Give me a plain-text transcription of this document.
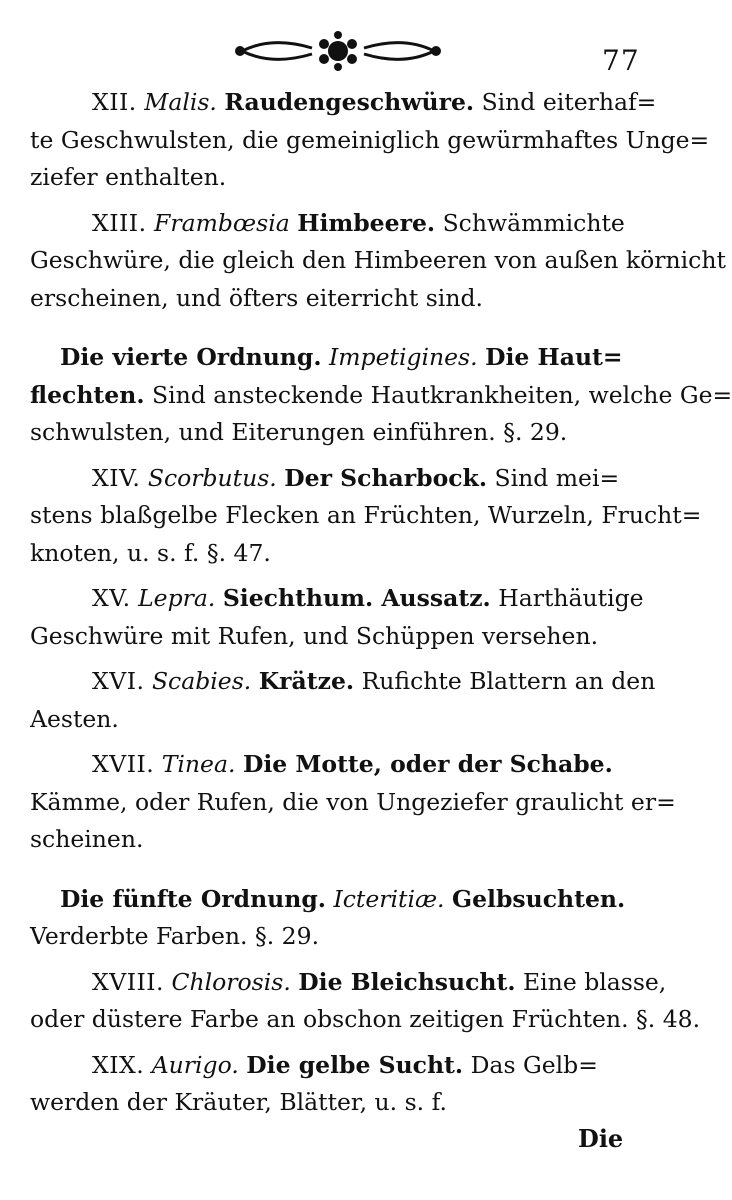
77
XII. Malis. Raudengeschwüre. Sind eiterhaf=
te Geschwulsten, die gemeiniglich gewürmhaftes Unge=
ziefer enthalten.
XIII. Frambœsia Himbeere. Schwämmichte
Geschwüre, die gleich den Himbeeren von außen körnicht
erscheinen, und öfters eiterricht sind.
Die vierte Ordnung. Impetigines. Die Haut=
flechten. Sind ansteckende Hautkrankheiten, welche Ge=
schwulsten, und Eiterungen einführen. §. 29.
XIV. Scorbutus. Der Scharbock. Sind mei=
stens blaßgelbe Flecken an Früchten, Wurzeln, Frucht=
knoten, u. s. f. §. 47.
XV. Lepra. Siechthum. Aussatz. Harthäutige
Geschwüre mit Rufen, und Schüppen versehen.
XVI. Scabies. Krätze. Rufichte Blattern an den
Aesten.
XVII. Tinea. Die Motte, oder der Schabe.
Kämme, oder Rufen, die von Ungeziefer graulicht er=
scheinen.
Die fünfte Ordnung. Icteritiæ. Gelbsuchten.
Verderbte Farben. §. 29.
XVIII. Chlorosis. Die Bleichsucht. Eine blasse,
oder düstere Farbe an obschon zeitigen Früchten. §. 48.
XIX. Aurigo. Die gelbe Sucht. Das Gelb=
werden der Kräuter, Blätter, u. s. f.
Die
